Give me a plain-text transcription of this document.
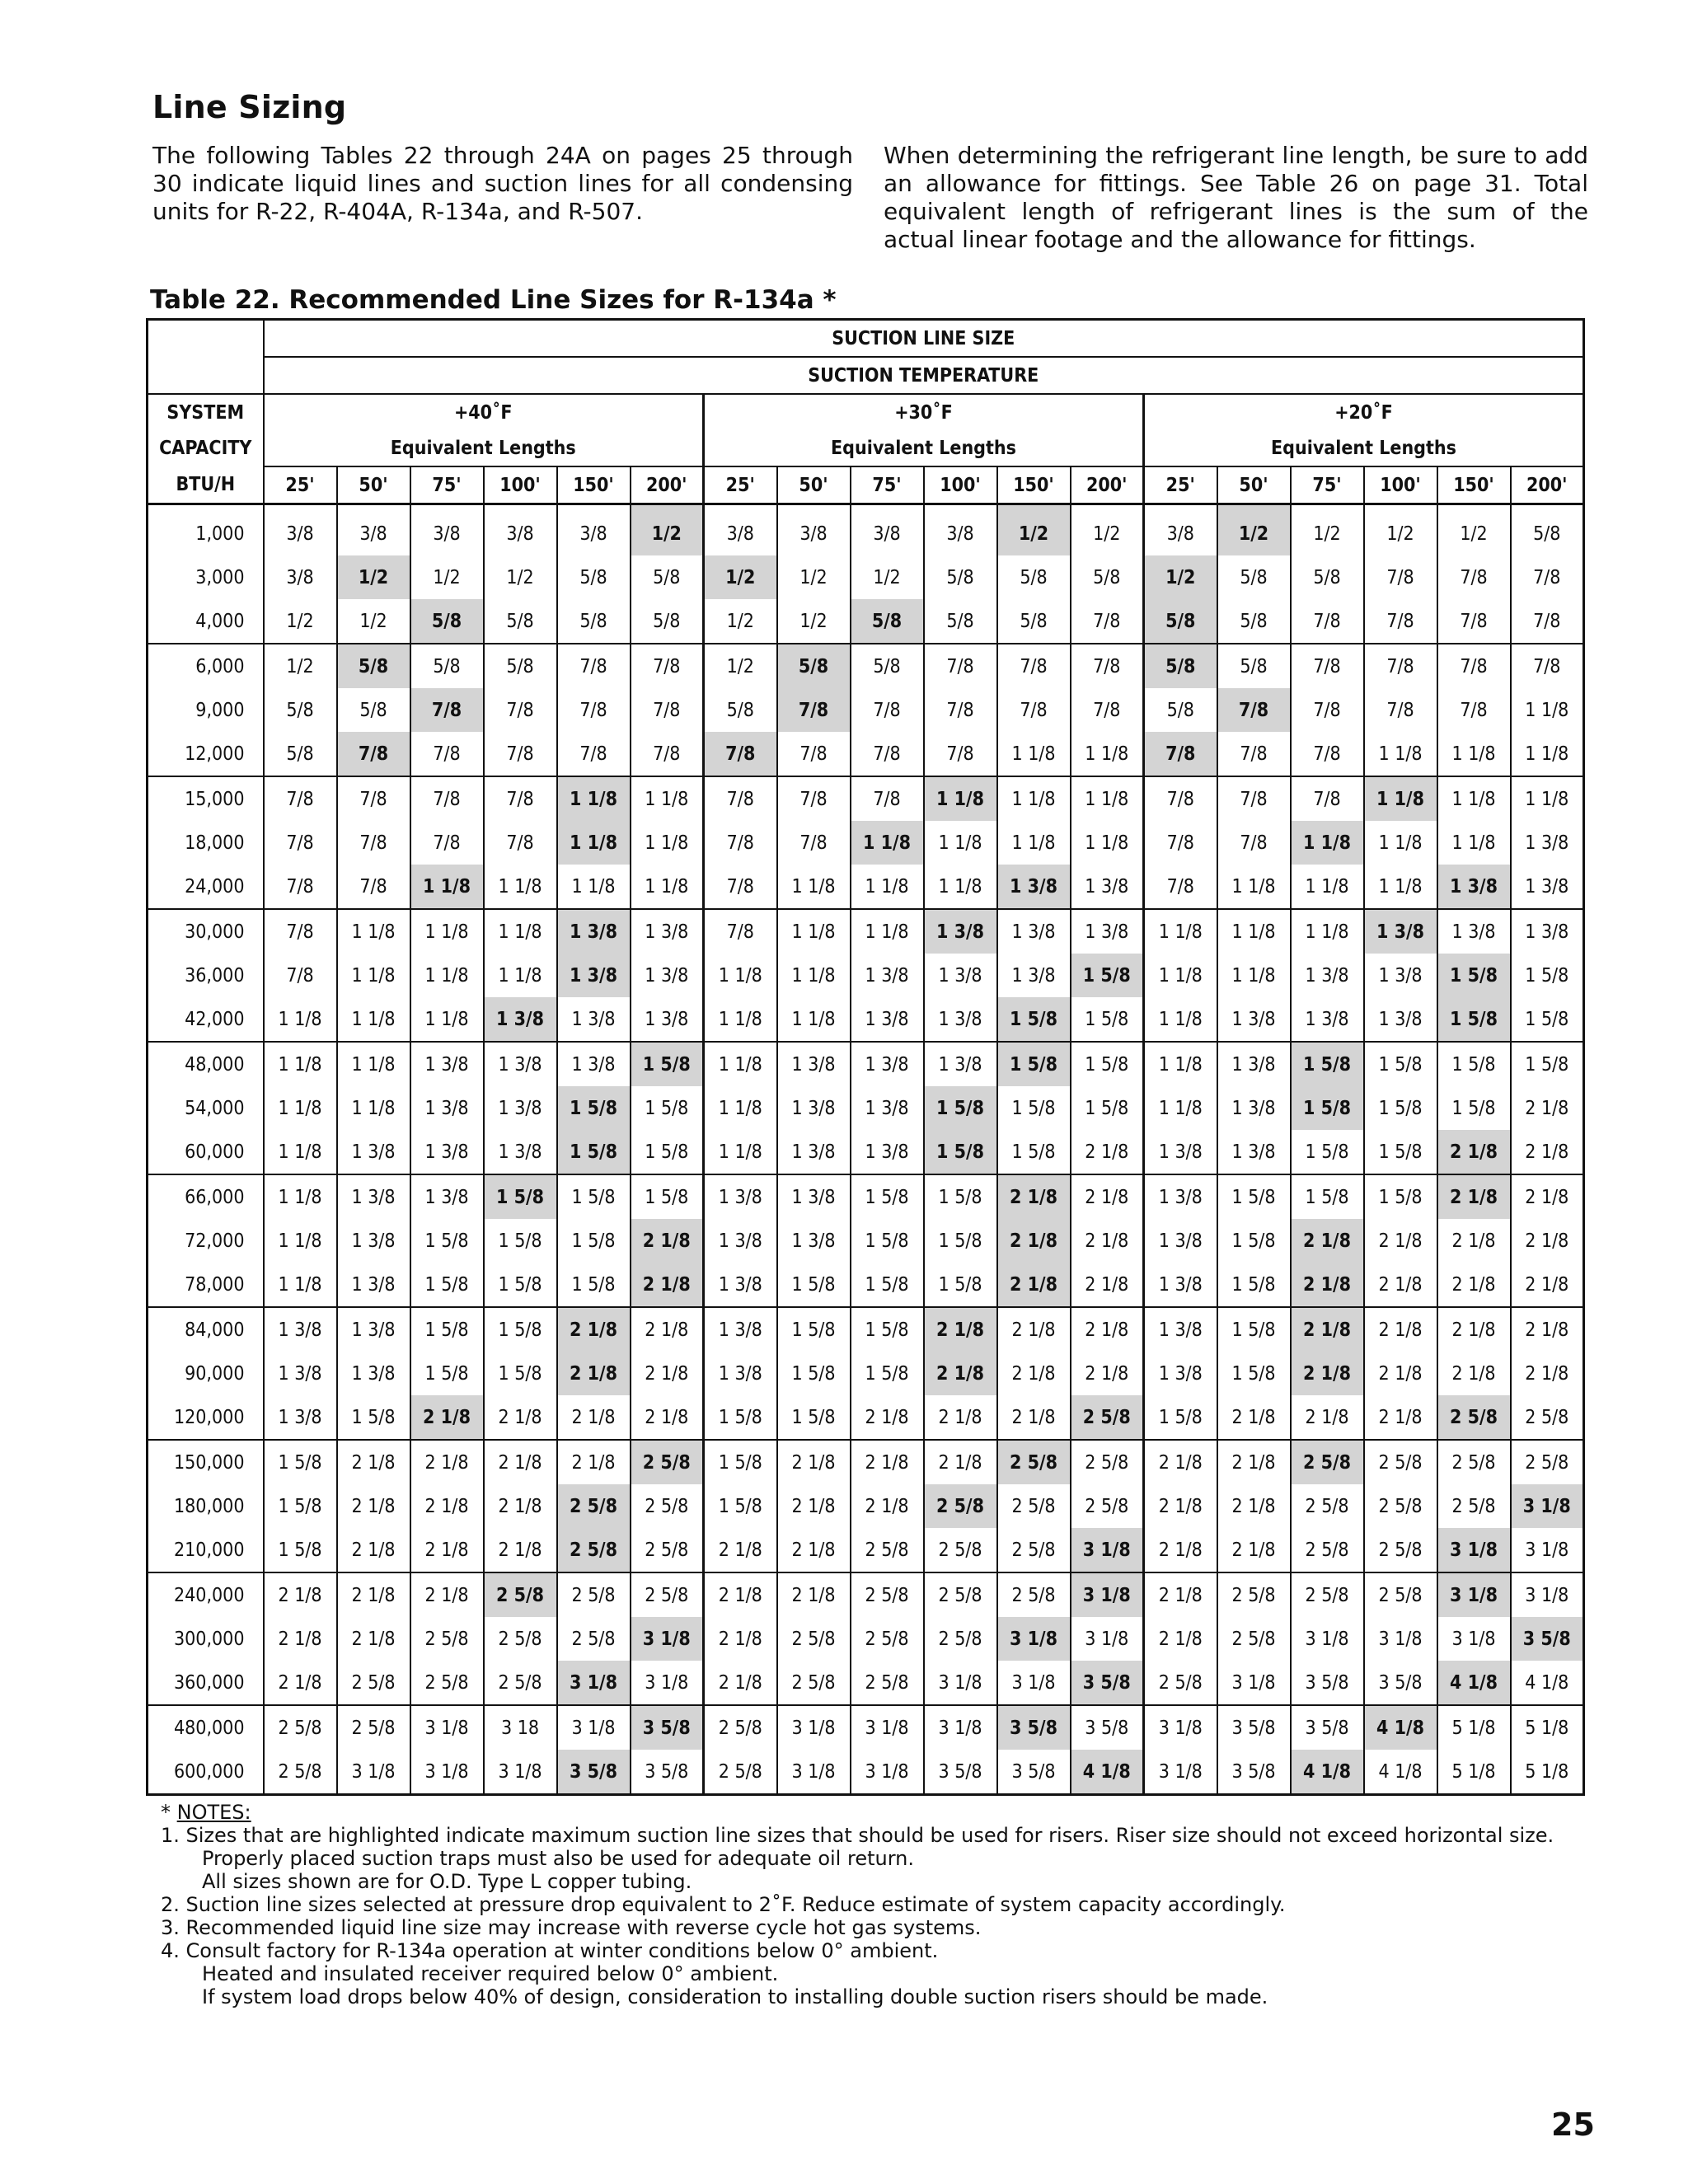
Line Sizing

The following Tables 22 through 24A on pages 25 through 30 indicate liquid lines and suction lines for all condensing units for R-22, R-404A, R-134a, and R-507.

When determining the refrigerant line length, be sure to add an allowance for fittings. See Table 26 on page 31. Total equivalent length of refrigerant lines is the sum of the actual linear footage and the allowance for fittings.

Table 22. Recommended Line Sizes for R-134a *
	SUCTION LINE SIZE																	
	SUCTION TEMPERATURE																	
SYSTEM	+40˚F						+30˚F						+20˚F					
CAPACITY	Equivalent Lengths						Equivalent Lengths						Equivalent Lengths					
BTU/H	25'	50'	75'	100'	150'	200'	25'	50'	75'	100'	150'	200'	25'	50'	75'	100'	150'	200'
1,000	3/8	3/8	3/8	3/8	3/8	1/2	3/8	3/8	3/8	3/8	1/2	1/2	3/8	1/2	1/2	1/2	1/2	5/8
3,000	3/8	1/2	1/2	1/2	5/8	5/8	1/2	1/2	1/2	5/8	5/8	5/8	1/2	5/8	5/8	7/8	7/8	7/8
4,000	1/2	1/2	5/8	5/8	5/8	5/8	1/2	1/2	5/8	5/8	5/8	7/8	5/8	5/8	7/8	7/8	7/8	7/8
6,000	1/2	5/8	5/8	5/8	7/8	7/8	1/2	5/8	5/8	7/8	7/8	7/8	5/8	5/8	7/8	7/8	7/8	7/8
9,000	5/8	5/8	7/8	7/8	7/8	7/8	5/8	7/8	7/8	7/8	7/8	7/8	5/8	7/8	7/8	7/8	7/8	1 1/8
12,000	5/8	7/8	7/8	7/8	7/8	7/8	7/8	7/8	7/8	7/8	1 1/8	1 1/8	7/8	7/8	7/8	1 1/8	1 1/8	1 1/8
15,000	7/8	7/8	7/8	7/8	1 1/8	1 1/8	7/8	7/8	7/8	1 1/8	1 1/8	1 1/8	7/8	7/8	7/8	1 1/8	1 1/8	1 1/8
18,000	7/8	7/8	7/8	7/8	1 1/8	1 1/8	7/8	7/8	1 1/8	1 1/8	1 1/8	1 1/8	7/8	7/8	1 1/8	1 1/8	1 1/8	1 3/8
24,000	7/8	7/8	1 1/8	1 1/8	1 1/8	1 1/8	7/8	1 1/8	1 1/8	1 1/8	1 3/8	1 3/8	7/8	1 1/8	1 1/8	1 1/8	1 3/8	1 3/8
30,000	7/8	1 1/8	1 1/8	1 1/8	1 3/8	1 3/8	7/8	1 1/8	1 1/8	1 3/8	1 3/8	1 3/8	1 1/8	1 1/8	1 1/8	1 3/8	1 3/8	1 3/8
36,000	7/8	1 1/8	1 1/8	1 1/8	1 3/8	1 3/8	1 1/8	1 1/8	1 3/8	1 3/8	1 3/8	1 5/8	1 1/8	1 1/8	1 3/8	1 3/8	1 5/8	1 5/8
42,000	1 1/8	1 1/8	1 1/8	1 3/8	1 3/8	1 3/8	1 1/8	1 1/8	1 3/8	1 3/8	1 5/8	1 5/8	1 1/8	1 3/8	1 3/8	1 3/8	1 5/8	1 5/8
48,000	1 1/8	1 1/8	1 3/8	1 3/8	1 3/8	1 5/8	1 1/8	1 3/8	1 3/8	1 3/8	1 5/8	1 5/8	1 1/8	1 3/8	1 5/8	1 5/8	1 5/8	1 5/8
54,000	1 1/8	1 1/8	1 3/8	1 3/8	1 5/8	1 5/8	1 1/8	1 3/8	1 3/8	1 5/8	1 5/8	1 5/8	1 1/8	1 3/8	1 5/8	1 5/8	1 5/8	2 1/8
60,000	1 1/8	1 3/8	1 3/8	1 3/8	1 5/8	1 5/8	1 1/8	1 3/8	1 3/8	1 5/8	1 5/8	2 1/8	1 3/8	1 3/8	1 5/8	1 5/8	2 1/8	2 1/8
66,000	1 1/8	1 3/8	1 3/8	1 5/8	1 5/8	1 5/8	1 3/8	1 3/8	1 5/8	1 5/8	2 1/8	2 1/8	1 3/8	1 5/8	1 5/8	1 5/8	2 1/8	2 1/8
72,000	1 1/8	1 3/8	1 5/8	1 5/8	1 5/8	2 1/8	1 3/8	1 3/8	1 5/8	1 5/8	2 1/8	2 1/8	1 3/8	1 5/8	2 1/8	2 1/8	2 1/8	2 1/8
78,000	1 1/8	1 3/8	1 5/8	1 5/8	1 5/8	2 1/8	1 3/8	1 5/8	1 5/8	1 5/8	2 1/8	2 1/8	1 3/8	1 5/8	2 1/8	2 1/8	2 1/8	2 1/8
84,000	1 3/8	1 3/8	1 5/8	1 5/8	2 1/8	2 1/8	1 3/8	1 5/8	1 5/8	2 1/8	2 1/8	2 1/8	1 3/8	1 5/8	2 1/8	2 1/8	2 1/8	2 1/8
90,000	1 3/8	1 3/8	1 5/8	1 5/8	2 1/8	2 1/8	1 3/8	1 5/8	1 5/8	2 1/8	2 1/8	2 1/8	1 3/8	1 5/8	2 1/8	2 1/8	2 1/8	2 1/8
120,000	1 3/8	1 5/8	2 1/8	2 1/8	2 1/8	2 1/8	1 5/8	1 5/8	2 1/8	2 1/8	2 1/8	2 5/8	1 5/8	2 1/8	2 1/8	2 1/8	2 5/8	2 5/8
150,000	1 5/8	2 1/8	2 1/8	2 1/8	2 1/8	2 5/8	1 5/8	2 1/8	2 1/8	2 1/8	2 5/8	2 5/8	2 1/8	2 1/8	2 5/8	2 5/8	2 5/8	2 5/8
180,000	1 5/8	2 1/8	2 1/8	2 1/8	2 5/8	2 5/8	1 5/8	2 1/8	2 1/8	2 5/8	2 5/8	2 5/8	2 1/8	2 1/8	2 5/8	2 5/8	2 5/8	3 1/8
210,000	1 5/8	2 1/8	2 1/8	2 1/8	2 5/8	2 5/8	2 1/8	2 1/8	2 5/8	2 5/8	2 5/8	3 1/8	2 1/8	2 1/8	2 5/8	2 5/8	3 1/8	3 1/8
240,000	2 1/8	2 1/8	2 1/8	2 5/8	2 5/8	2 5/8	2 1/8	2 1/8	2 5/8	2 5/8	2 5/8	3 1/8	2 1/8	2 5/8	2 5/8	2 5/8	3 1/8	3 1/8
300,000	2 1/8	2 1/8	2 5/8	2 5/8	2 5/8	3 1/8	2 1/8	2 5/8	2 5/8	2 5/8	3 1/8	3 1/8	2 1/8	2 5/8	3 1/8	3 1/8	3 1/8	3 5/8
360,000	2 1/8	2 5/8	2 5/8	2 5/8	3 1/8	3 1/8	2 1/8	2 5/8	2 5/8	3 1/8	3 1/8	3 5/8	2 5/8	3 1/8	3 5/8	3 5/8	4 1/8	4 1/8
480,000	2 5/8	2 5/8	3 1/8	3 18	3 1/8	3 5/8	2 5/8	3 1/8	3 1/8	3 1/8	3 5/8	3 5/8	3 1/8	3 5/8	3 5/8	4 1/8	5 1/8	5 1/8
600,000	2 5/8	3 1/8	3 1/8	3 1/8	3 5/8	3 5/8	2 5/8	3 1/8	3 1/8	3 5/8	3 5/8	4 1/8	3 1/8	3 5/8	4 1/8	4 1/8	5 1/8	5 1/8

* NOTES:

1. Sizes that are highlighted indicate maximum suction line sizes that should be used for risers. Riser size should not exceed horizontal size.

Properly placed suction traps must also be used for adequate oil return.

All sizes shown are for O.D. Type L copper tubing.

2. Suction line sizes selected at pressure drop equivalent to 2˚F. Reduce estimate of system capacity accordingly.

3. Recommended liquid line size may increase with reverse cycle hot gas systems.

4. Consult factory for R-134a operation at winter conditions below 0° ambient.

Heated and insulated receiver required below 0° ambient.

If system load drops below 40% of design, consideration to installing double suction risers should be made.

25
